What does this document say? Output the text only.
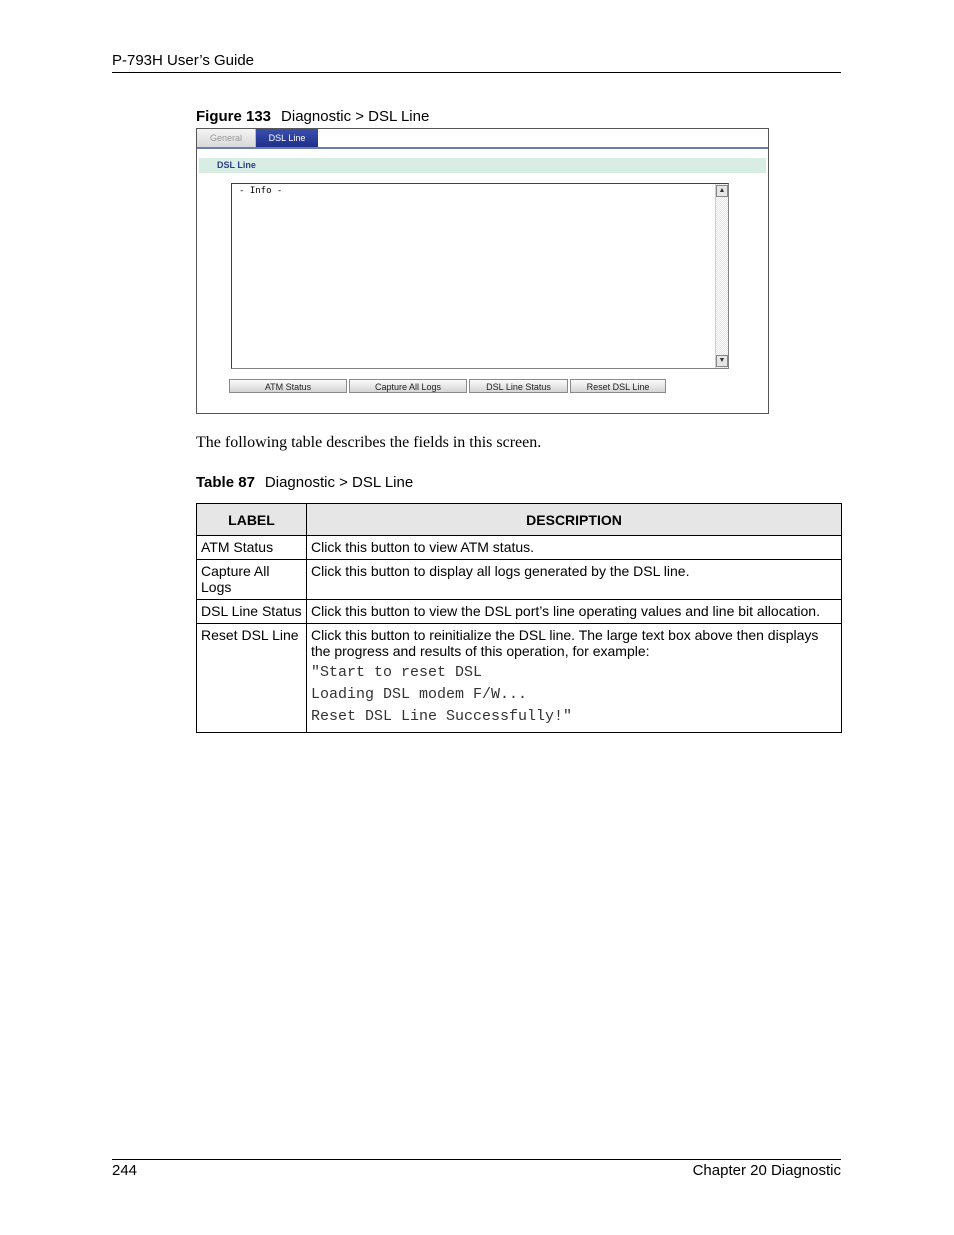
P-793H User’s Guide
Figure 133 Diagnostic > DSL Line
General	DSL Line
DSL Line
- Info -	▲
▼
ATM Status	Capture All Logs	DSL Line Status	Reset DSL Line
The following table describes the fields in this screen.
Table 87 Diagnostic > DSL Line
LABEL	DESCRIPTION
ATM Status	Click this button to view ATM status.
Capture All Logs	Click this button to display all logs generated by the DSL line.
DSL Line Status	Click this button to view the DSL port’s line operating values and line bit allocation.
Reset DSL Line	Click this button to reinitialize the DSL line. The large text box above then displays the progress and results of this operation, for example:
"Start to reset DSL
Loading DSL modem F/W...
Reset DSL Line Successfully!"
244	Chapter 20 Diagnostic
